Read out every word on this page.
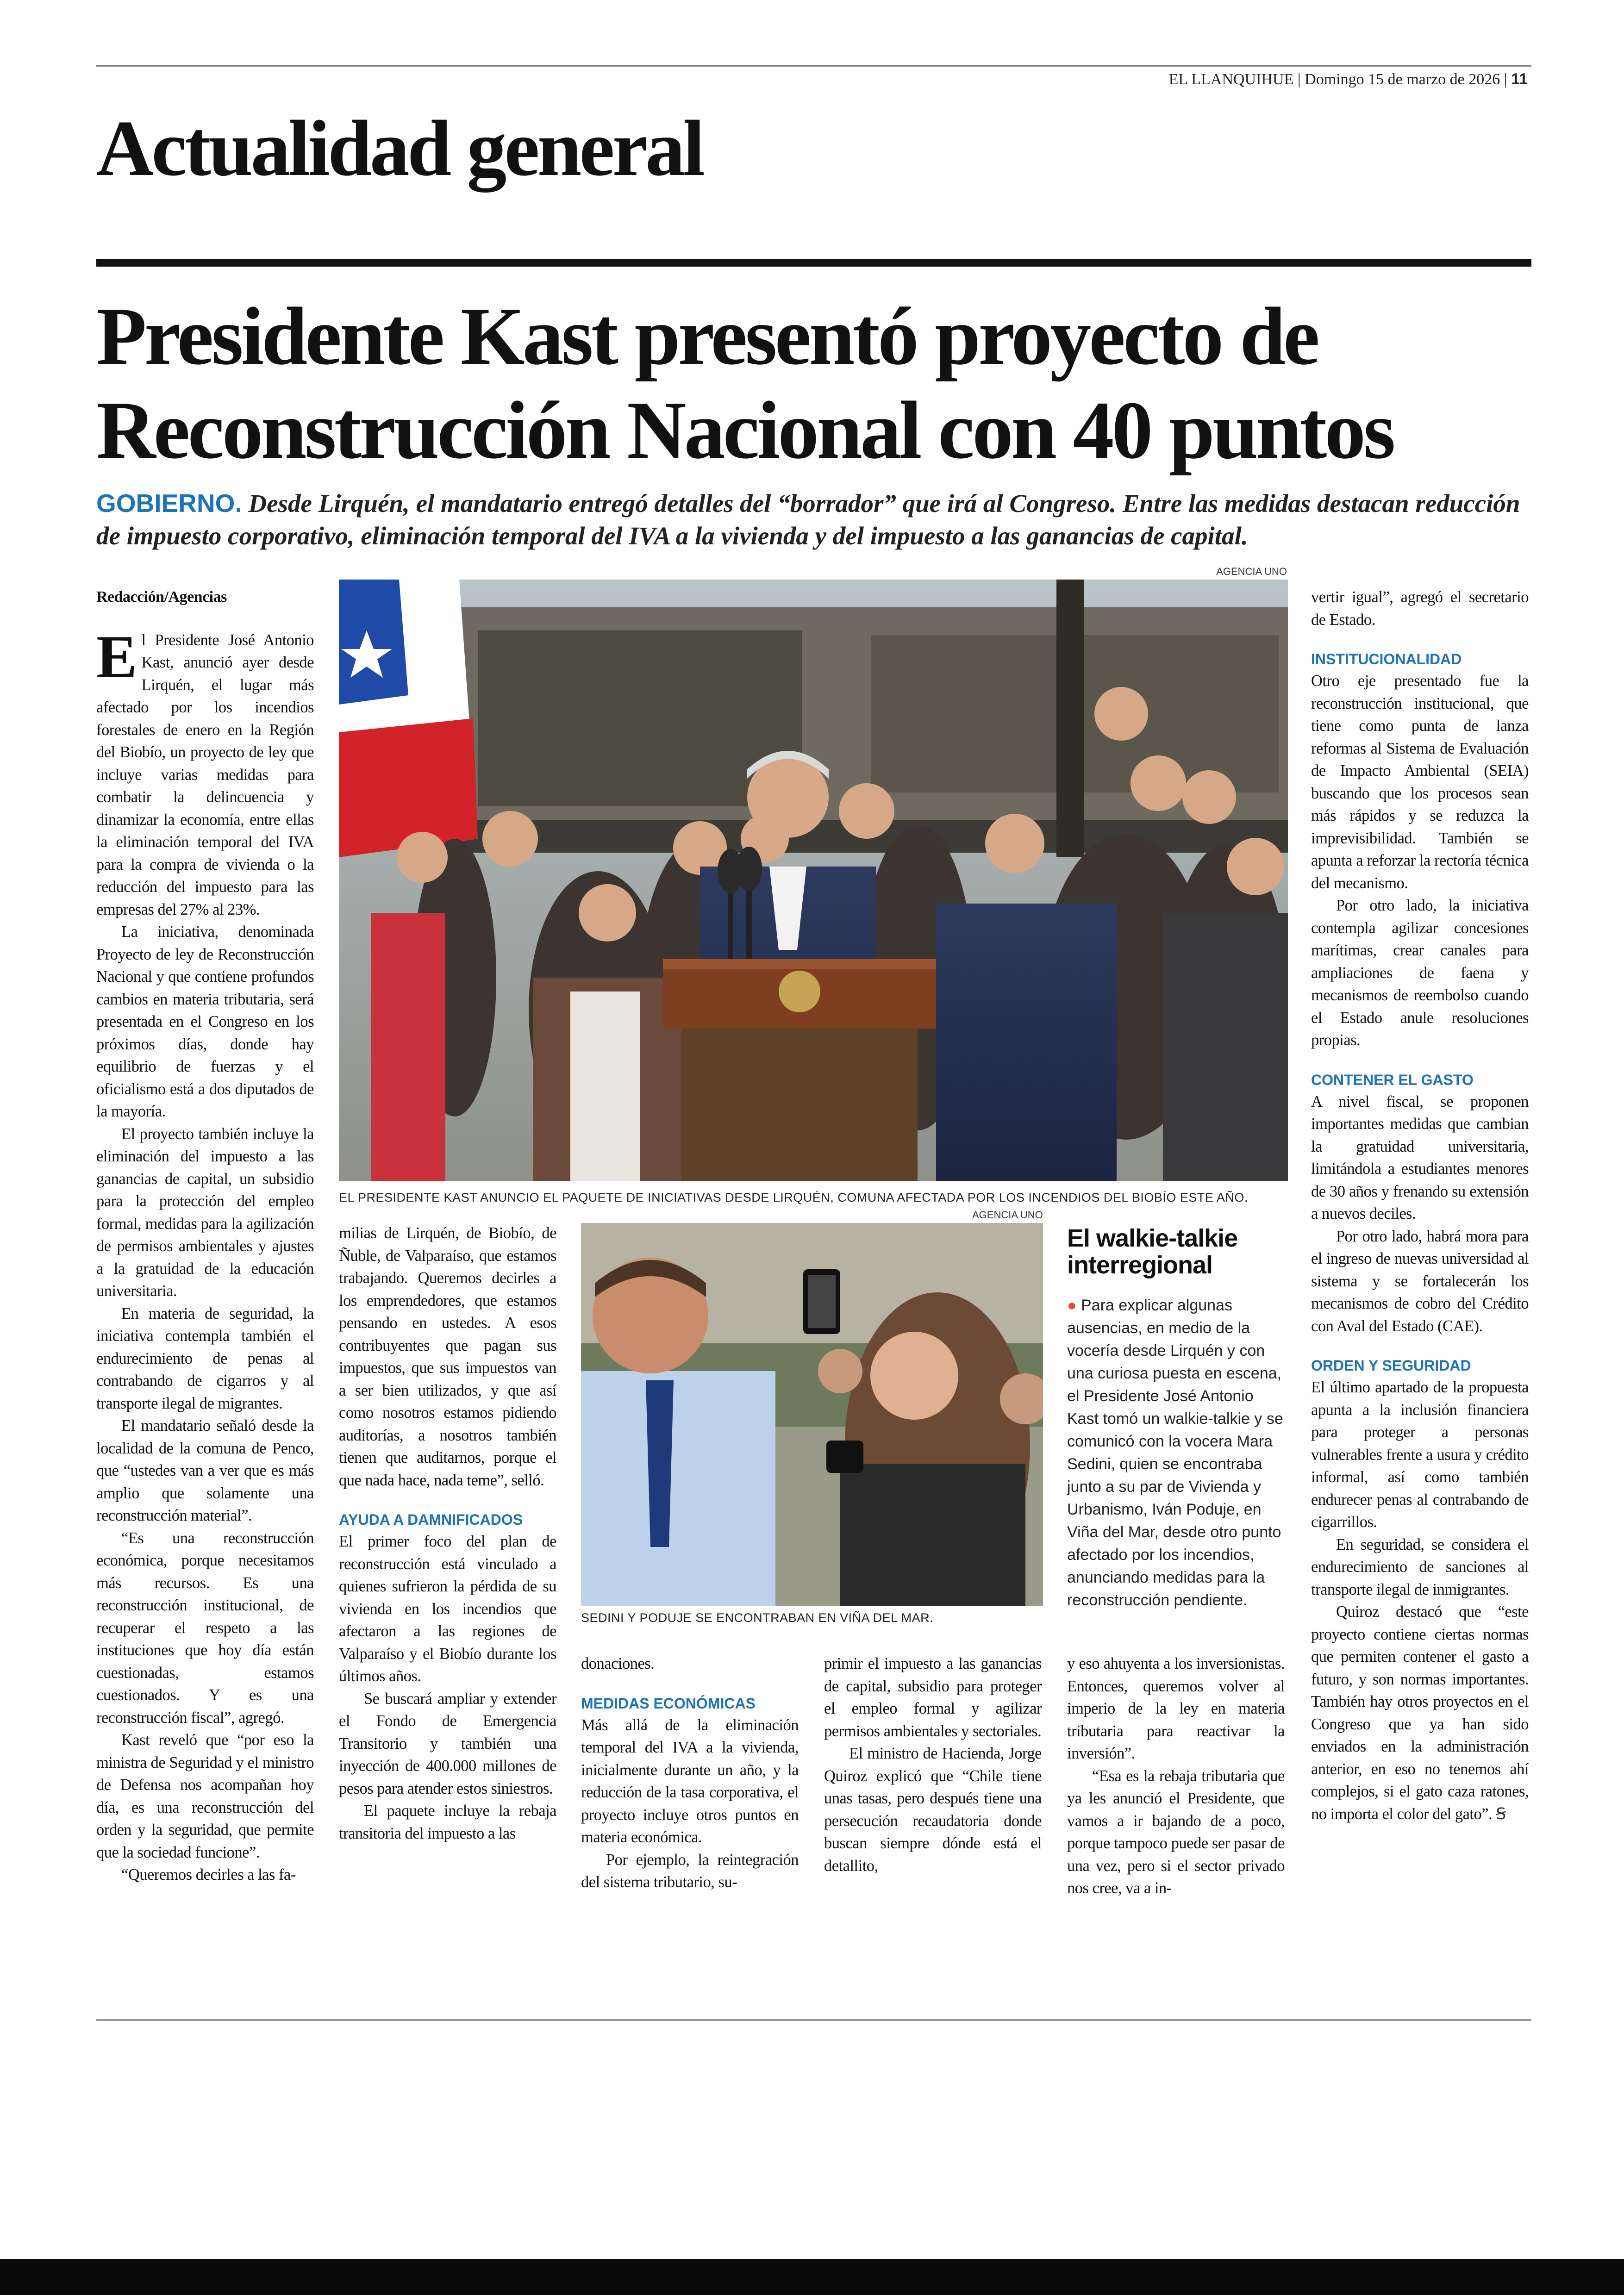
EL LLANQUIHUE | Domingo 15 de marzo de 2026 | 11
Actualidad general
Presidente Kast presentó proyecto de Reconstrucción Nacional con 40 puntos
GOBIERNO. Desde Lirquén, el mandatario entregó detalles del “borrador” que irá al Congreso. Entre las medidas destacan reducción de impuesto corporativo, eliminación temporal del IVA a la vivienda y del impuesto a las ganancias de capital.
AGENCIA UNO
EL PRESIDENTE KAST ANUNCIO EL PAQUETE DE INICIATIVAS DESDE LIRQUÉN, COMUNA AFECTADA POR LOS INCENDIOS DEL BIOBÍO ESTE AÑO.

Redacción/Agencias

El Presidente José Antonio Kast, anunció ayer desde Lirquén, el lugar más afectado por los incendios forestales de enero en la Región del Biobío, un proyecto de ley que incluye varias medidas para combatir la delincuencia y dinamizar la economía, entre ellas la eliminación temporal del IVA para la compra de vivienda o la reducción del impuesto para las empresas del 27% al 23%.

La iniciativa, denominada Proyecto de ley de Reconstrucción Nacional y que contiene profundos cambios en materia tributaria, será presentada en el Congreso en los próximos días, donde hay equilibrio de fuerzas y el oficialismo está a dos diputados de la mayoría.

El proyecto también incluye la eliminación del impuesto a las ganancias de capital, un subsidio para la protección del empleo formal, medidas para la agilización de permisos ambientales y ajustes a la gratuidad de la educación universitaria.

En materia de seguridad, la iniciativa contempla también el endurecimiento de penas al contrabando de cigarros y al transporte ilegal de migrantes.

El mandatario señaló desde la localidad de la comuna de Penco, que “ustedes van a ver que es más amplio que solamente una reconstrucción material”.

“Es una reconstrucción económica, porque necesitamos más recursos. Es una reconstrucción institucional, de recuperar el respeto a las instituciones que hoy día están cuestionadas, estamos cuestionados. Y es una reconstrucción fiscal”, agregó.

Kast reveló que “por eso la ministra de Seguridad y el ministro de Defensa nos acompañan hoy día, es una reconstrucción del orden y la seguridad, que permite que la sociedad funcione”.

“Queremos decirles a las fa-

milias de Lirquén, de Biobío, de Ñuble, de Valparaíso, que estamos trabajando. Queremos decirles a los emprendedores, que estamos pensando en ustedes. A esos contribuyentes que pagan sus impuestos, que sus impuestos van a ser bien utilizados, y que así como nosotros estamos pidiendo auditorías, a nosotros también tienen que auditarnos, porque el que nada hace, nada teme”, selló.

AYUDA A DAMNIFICADOS

El primer foco del plan de reconstrucción está vinculado a quienes sufrieron la pérdida de su vivienda en los incendios que afectaron a las regiones de Valparaíso y el Biobío durante los últimos años.

Se buscará ampliar y extender el Fondo de Emergencia Transitorio y también una inyección de 400.000 millones de pesos para atender estos siniestros.

El paquete incluye la rebaja transitoria del impuesto a las

AGENCIA UNO
SEDINI Y PODUJE SE ENCONTRABAN EN VIÑA DEL MAR.
El walkie-talkie interregional
● Para explicar algunas ausencias, en medio de la vocería desde Lirquén y con una curiosa puesta en escena, el Presidente José Antonio Kast tomó un walkie-talkie y se comunicó con la vocera Mara Sedini, quien se encontraba junto a su par de Vivienda y Urbanismo, Iván Poduje, en Viña del Mar, desde otro punto afectado por los incendios, anunciando medidas para la reconstrucción pendiente.

donaciones.

MEDIDAS ECONÓMICAS

Más allá de la eliminación temporal del IVA a la vivienda, inicialmente durante un año, y la reducción de la tasa corporativa, el proyecto incluye otros puntos en materia económica.

Por ejemplo, la reintegración del sistema tributario, su-

primir el impuesto a las ganancias de capital, subsidio para proteger el empleo formal y agilizar permisos ambientales y sectoriales.

El ministro de Hacienda, Jorge Quiroz explicó que “Chile tiene unas tasas, pero después tiene una persecución recaudatoria donde buscan siempre dónde está el detallito,

y eso ahuyenta a los inversionistas. Entonces, queremos volver al imperio de la ley en materia tributaria para reactivar la inversión”.

“Esa es la rebaja tributaria que ya les anunció el Presidente, que vamos a ir bajando de a poco, porque tampoco puede ser pasar de una vez, pero si el sector privado nos cree, va a in-

vertir igual”, agregó el secretario de Estado.

INSTITUCIONALIDAD

Otro eje presentado fue la reconstrucción institucional, que tiene como punta de lanza reformas al Sistema de Evaluación de Impacto Ambiental (SEIA) buscando que los procesos sean más rápidos y se reduzca la imprevisibilidad. También se apunta a reforzar la rectoría técnica del mecanismo.

Por otro lado, la iniciativa contempla agilizar concesiones marítimas, crear canales para ampliaciones de faena y mecanismos de reembolso cuando el Estado anule resoluciones propias.

CONTENER EL GASTO

A nivel fiscal, se proponen importantes medidas que cambian la gratuidad universitaria, limitándola a estudiantes menores de 30 años y frenando su extensión a nuevos deciles.

Por otro lado, habrá mora para el ingreso de nuevas universidad al sistema y se fortalecerán los mecanismos de cobro del Crédito con Aval del Estado (CAE).

ORDEN Y SEGURIDAD

El último apartado de la propuesta apunta a la inclusión financiera para proteger a personas vulnerables frente a usura y crédito informal, así como también endurecer penas al contrabando de cigarrillos.

En seguridad, se considera el endurecimiento de sanciones al transporte ilegal de inmigrantes.

Quiroz destacó que “este proyecto contiene ciertas normas que permiten contener el gasto a futuro, y son normas importantes. También hay otros proyectos en el Congreso que ya han sido enviados en la administración anterior, en eso no tenemos ahí complejos, si el gato caza ratones, no importa el color del gato”. Ꞩ
